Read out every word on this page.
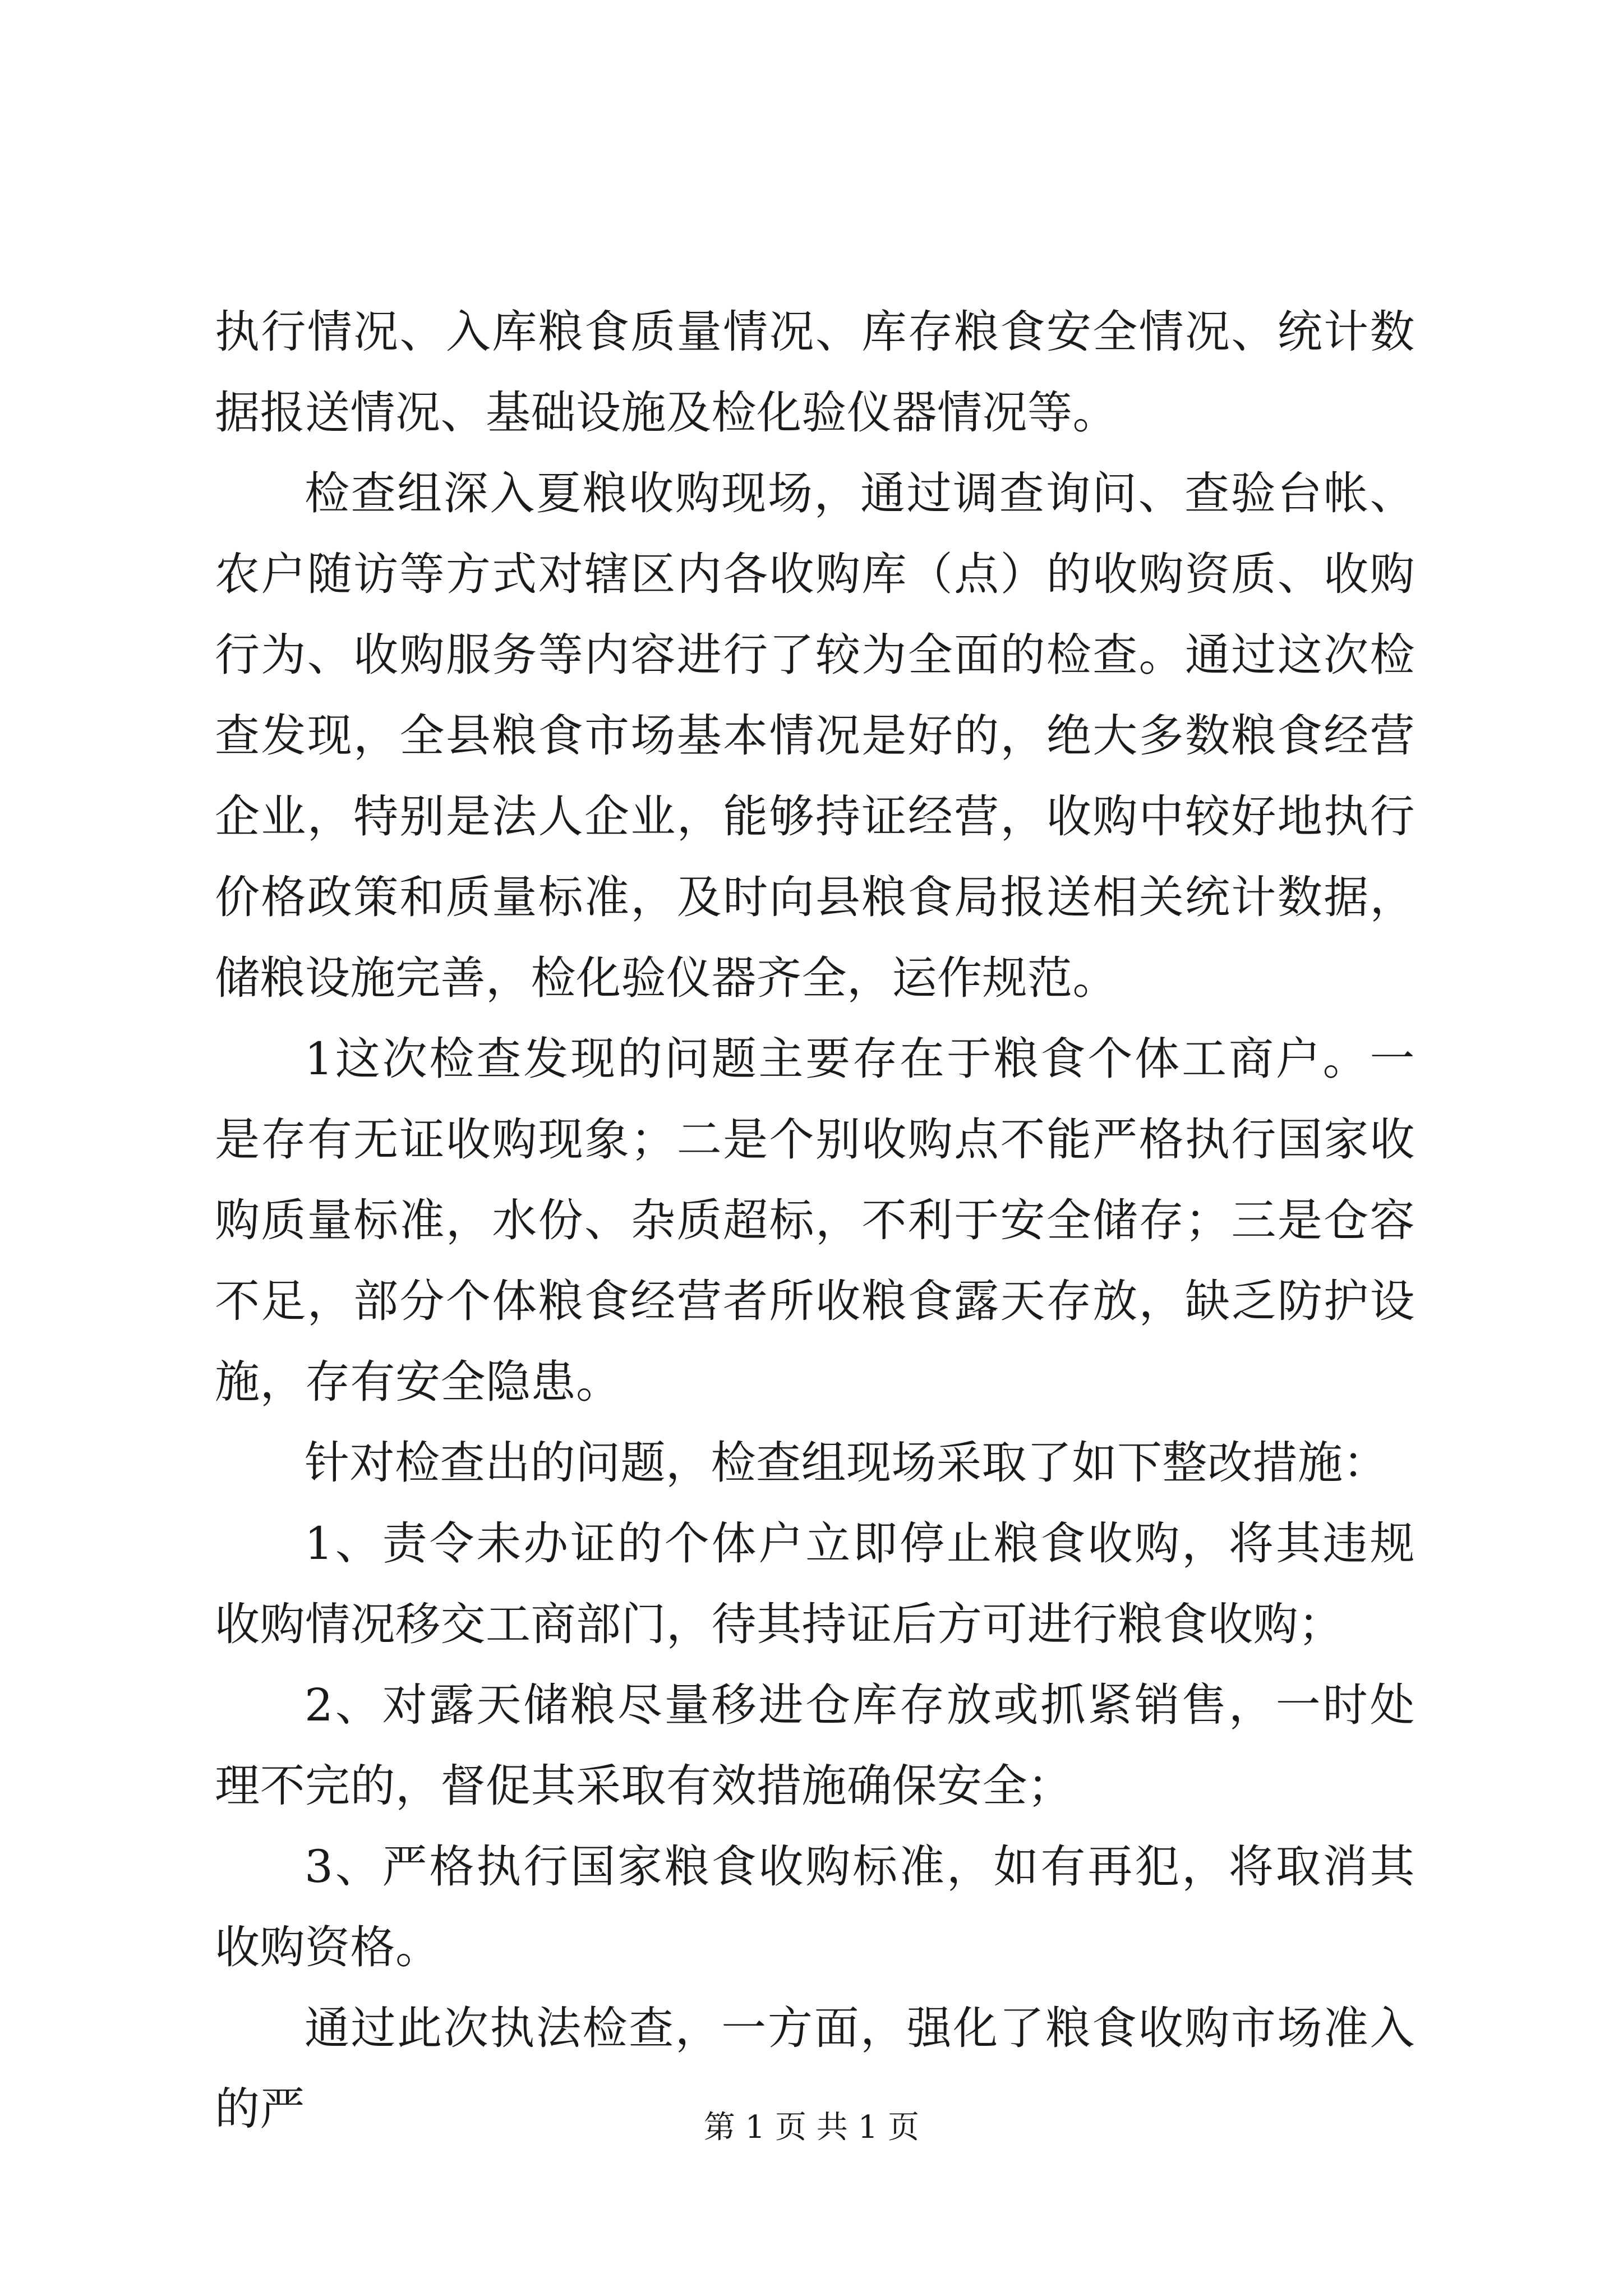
执行情况、入库粮食质量情况、库存粮食安全情况、统计数据报送情况、基础设施及检化验仪器情况等。

检查组深入夏粮收购现场，通过调查询问、查验台帐、农户随访等方式对辖区内各收购库（点）的收购资质、收购行为、收购服务等内容进行了较为全面的检查。通过这次检查发现，全县粮食市场基本情况是好的，绝大多数粮食经营企业，特别是法人企业，能够持证经营，收购中较好地执行价格政策和质量标准，及时向县粮食局报送相关统计数据，储粮设施完善，检化验仪器齐全，运作规范。

1这次检查发现的问题主要存在于粮食个体工商户。一是存有无证收购现象；二是个别收购点不能严格执行国家收购质量标准，水份、杂质超标，不利于安全储存；三是仓容不足，部分个体粮食经营者所收粮食露天存放，缺乏防护设施，存有安全隐患。

针对检查出的问题，检查组现场采取了如下整改措施：

1、责令未办证的个体户立即停止粮食收购，将其违规收购情况移交工商部门，待其持证后方可进行粮食收购；

2、对露天储粮尽量移进仓库存放或抓紧销售，一时处理不完的，督促其采取有效措施确保安全；

3、严格执行国家粮食收购标准，如有再犯，将取消其收购资格。

通过此次执法检查，一方面，强化了粮食收购市场准入的严	第 1 页 共 1 页
